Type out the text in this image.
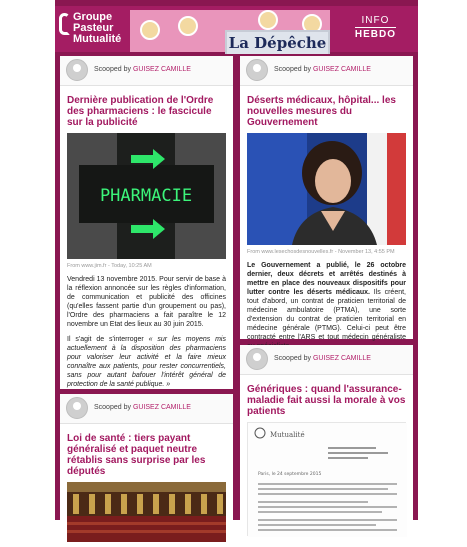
Groupe
Pasteur
Mutualité	La Dépêche
INFO
HEBDO
Scooped by GUISEZ CAMILLE
Dernière publication de l'Ordre des pharmaciens : le fascicule sur la publicité
PHARMACIE
From www.jim.fr - Today, 10:25 AM

Vendredi 13 novembre 2015. Pour servir de base à la réflexion annoncée sur les règles d'information, de communication et publicité des officines (qu'elles fassent partie d'un groupement ou pas), l'Ordre des pharmaciens a fait paraître le 12 novembre un Etat des lieux au 30 juin 2015.

Il s'agit de s'interroger « sur les moyens mis actuellement à la disposition des pharmaciens pour valoriser leur activité et la faire mieux connaître aux patients, pour rester concurrentiels, sans pour autant bafouer l'intérêt général de protection de la santé publique. »

Scooped by GUISEZ CAMILLE
Loi de santé : tiers payant généralisé et paquet neutre rétablis sans surprise par les députés
Scooped by GUISEZ CAMILLE
Déserts médicaux, hôpital... les nouvelles mesures du Gouvernement
From www.lesechosdesnouvelles.fr - November 13, 4:55 PM

Le Gouvernement a publié, le 26 octobre dernier, deux décrets et arrêtés destinés à mettre en place des nouveaux dispositifs pour lutter contre les déserts médicaux. Ils créent, tout d'abord, un contrat de praticien territorial de médecine ambulatoire (PTMA), une sorte d'extension du contrat de praticien territorial en médecine générale (PTMG). Celui-ci peut être contracté entre l'ARS et tout médecin généraliste

Scooped by GUISEZ CAMILLE
Génériques : quand l'assurance-maladie fait aussi la morale à vos patients
Mutualité
Paris, le 24 septembre 2015
